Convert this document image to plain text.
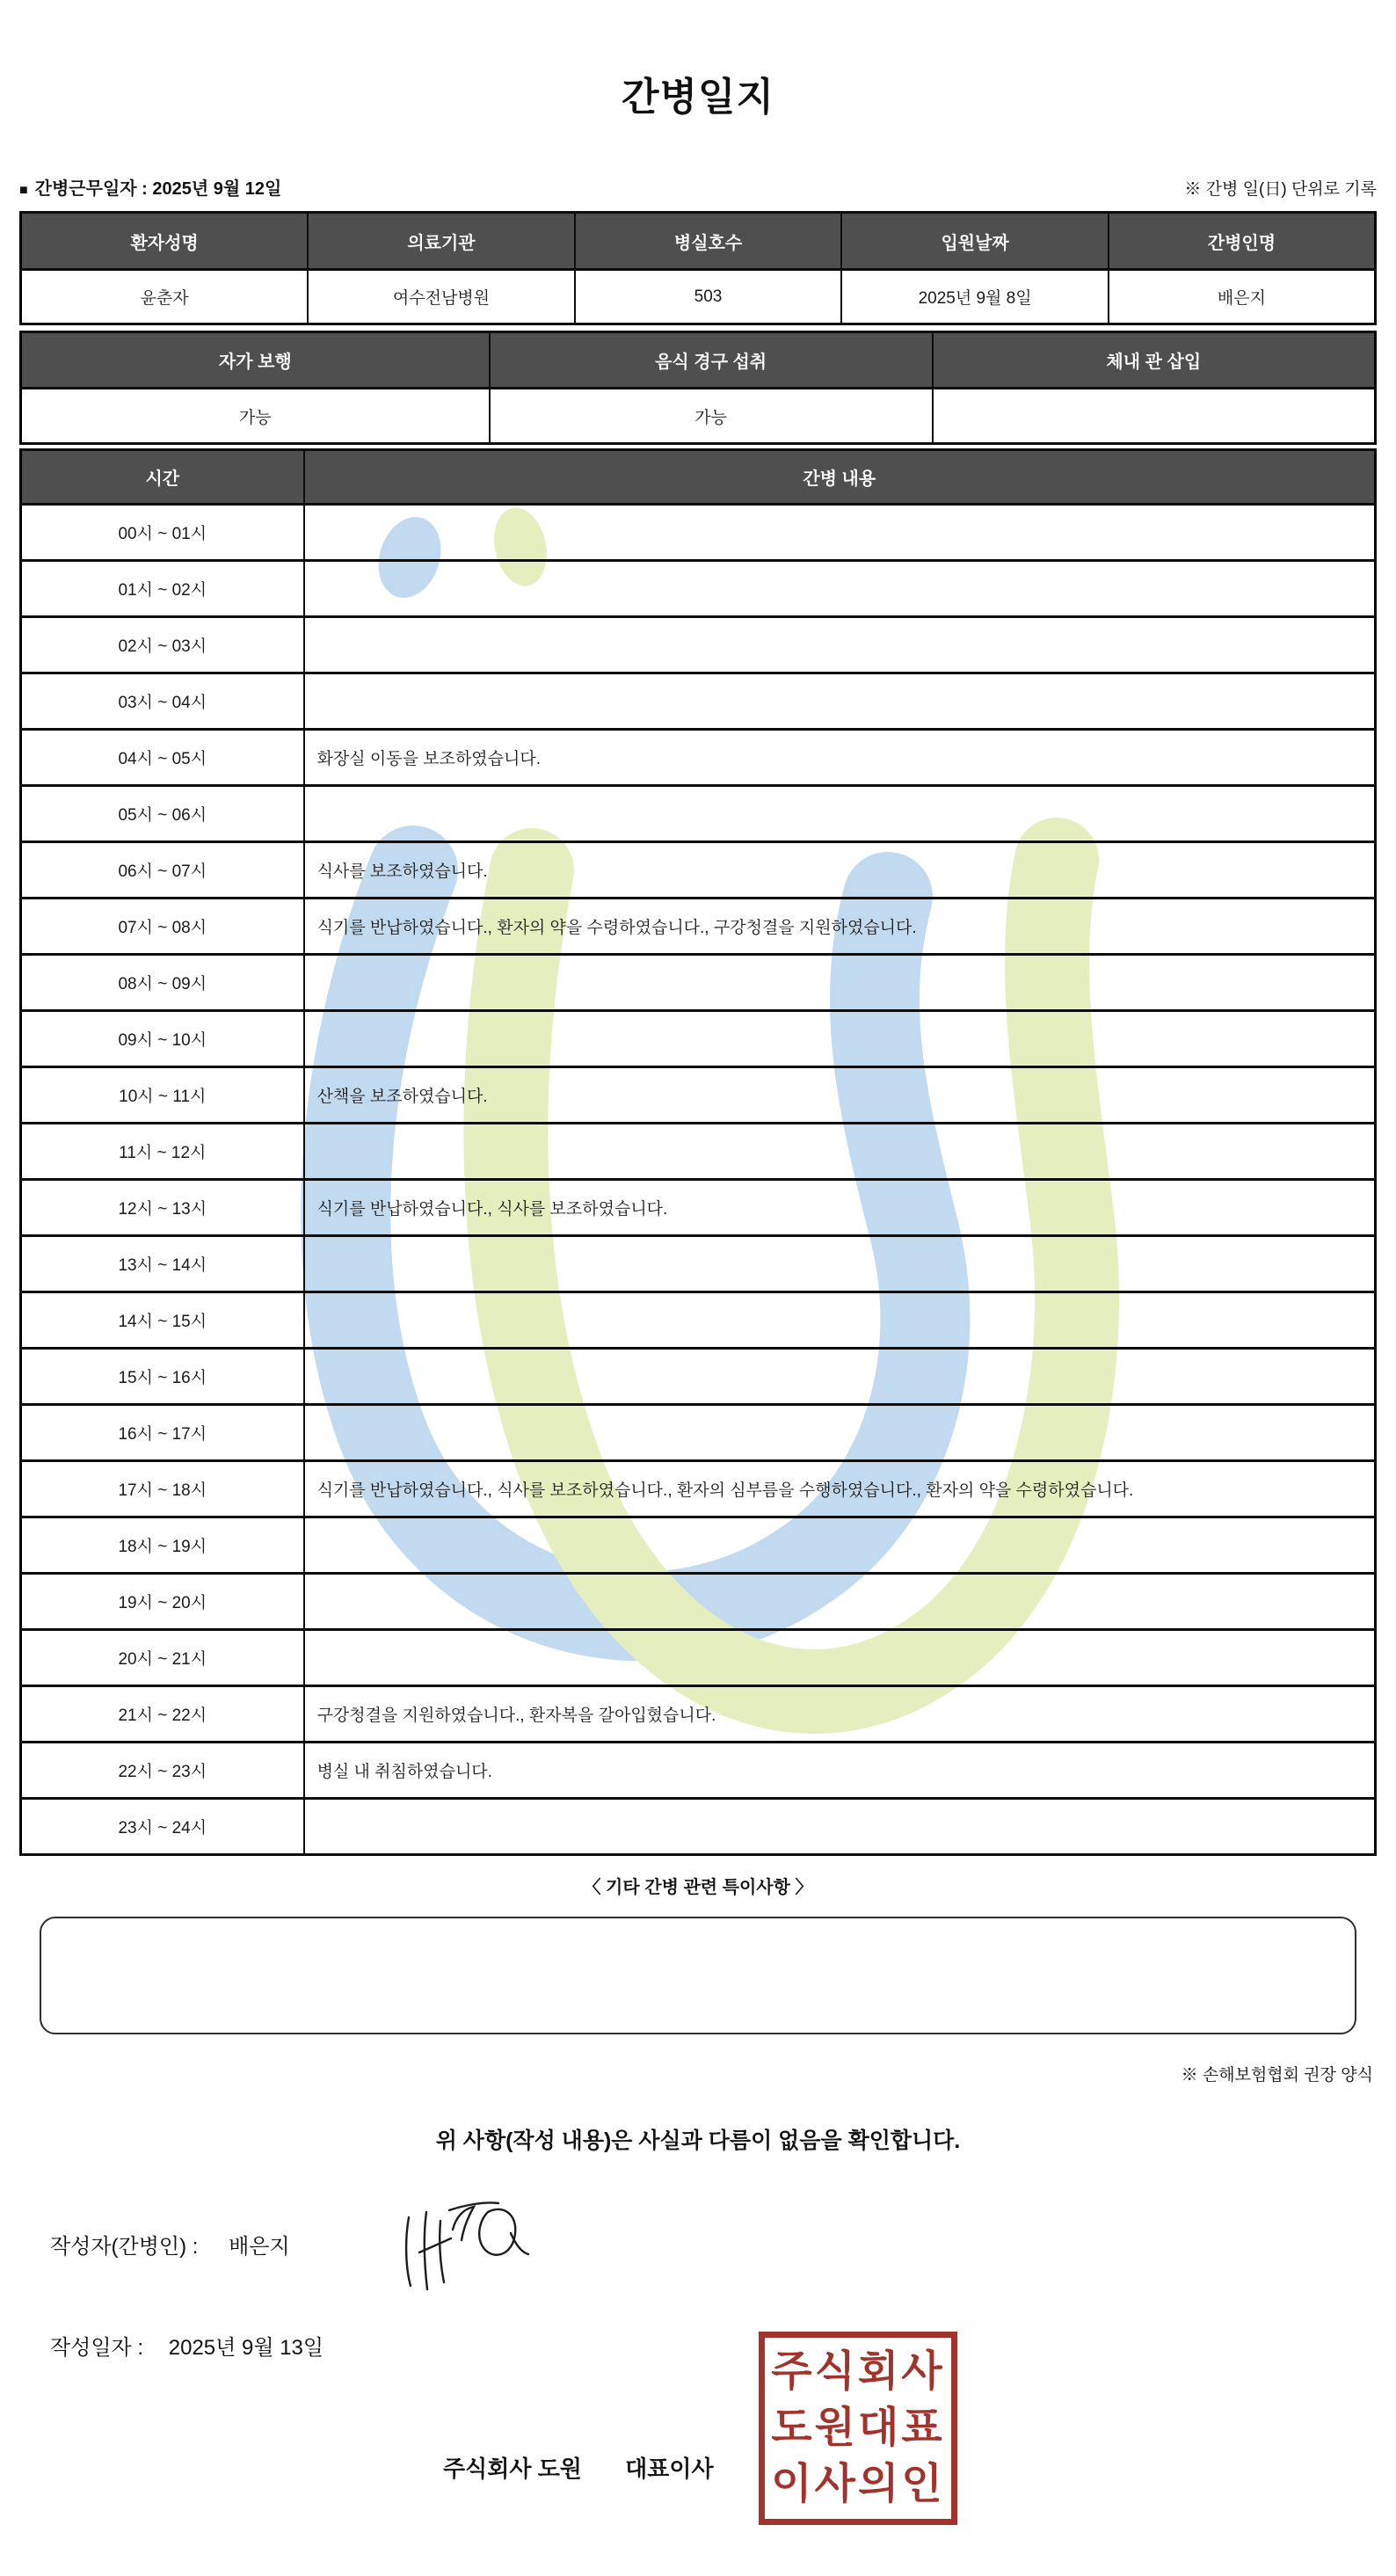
간병일지
■ 간병근무일자 : 2025년 9월 12일	※ 간병 일(日) 단위로 기록
환자성명	의료기관	병실호수	입원날짜	간병인명
윤춘자	여수전남병원	503	2025년 9월 8일	배은지
자가 보행	음식 경구 섭취	체내 관 삽입
가능	가능	
시간	간병 내용
00시 ~ 01시	
01시 ~ 02시	
02시 ~ 03시	
03시 ~ 04시	
04시 ~ 05시	화장실 이동을 보조하였습니다.
05시 ~ 06시	
06시 ~ 07시	식사를 보조하였습니다.
07시 ~ 08시	식기를 반납하였습니다., 환자의 약을 수령하였습니다., 구강청결을 지원하였습니다.
08시 ~ 09시	
09시 ~ 10시	
10시 ~ 11시	산책을 보조하였습니다.
11시 ~ 12시	
12시 ~ 13시	식기를 반납하였습니다., 식사를 보조하였습니다.
13시 ~ 14시	
14시 ~ 15시	
15시 ~ 16시	
16시 ~ 17시	
17시 ~ 18시	식기를 반납하였습니다., 식사를 보조하였습니다., 환자의 심부름을 수행하였습니다., 환자의 약을 수령하였습니다.
18시 ~ 19시	
19시 ~ 20시	
20시 ~ 21시	
21시 ~ 22시	구강청결을 지원하였습니다., 환자복을 갈아입혔습니다.
22시 ~ 23시	병실 내 취침하였습니다.
23시 ~ 24시	
〈 기타 간병 관련 특이사항 〉
※ 손해보험협회 권장 양식
위 사항(작성 내용)은 사실과 다름이 없음을 확인합니다.
작성자(간병인) : 배은지
작성일자 : 2025년 9월 13일
주식회사 도원 대표이사
주식회사
도원대표
이사의인
